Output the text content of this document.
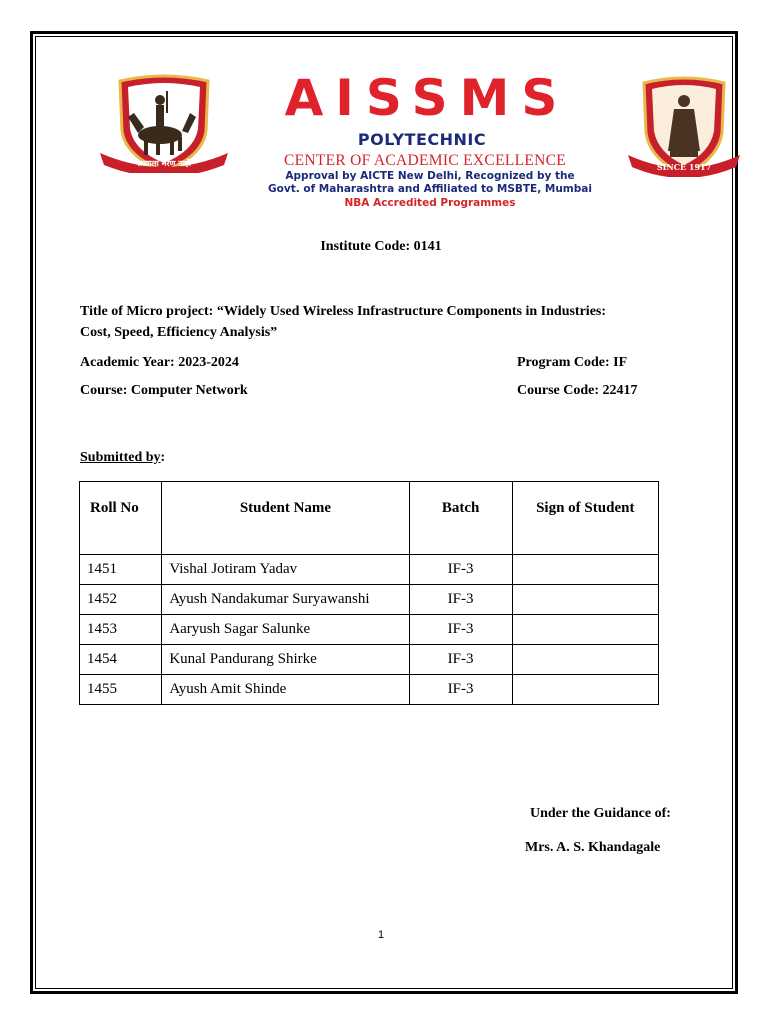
सत्याला मरण नाही
AISSMS
POLYTECHNIC
CENTER OF ACADEMIC EXCELLENCE
Approval by AICTE New Delhi, Recognized by the
Govt. of Maharashtra and Affiliated to MSBTE, Mumbai
NBA Accredited Programmes
SINCE 1917
Institute Code: 0141
Title of Micro project: “Widely Used Wireless Infrastructure Components in Industries:
Cost, Speed, Efficiency Analysis”
Academic Year: 2023-2024	Program Code: IF
Course: Computer Network	Course Code: 22417
Submitted by:
Roll No	Student Name	Batch	Sign of Student
1451	Vishal Jotiram Yadav	IF-3	
1452	Ayush Nandakumar Suryawanshi	IF-3	
1453	Aaryush Sagar Salunke	IF-3	
1454	Kunal Pandurang Shirke	IF-3	
1455	Ayush Amit Shinde	IF-3	
Under the Guidance of:
Mrs. A. S. Khandagale
1
